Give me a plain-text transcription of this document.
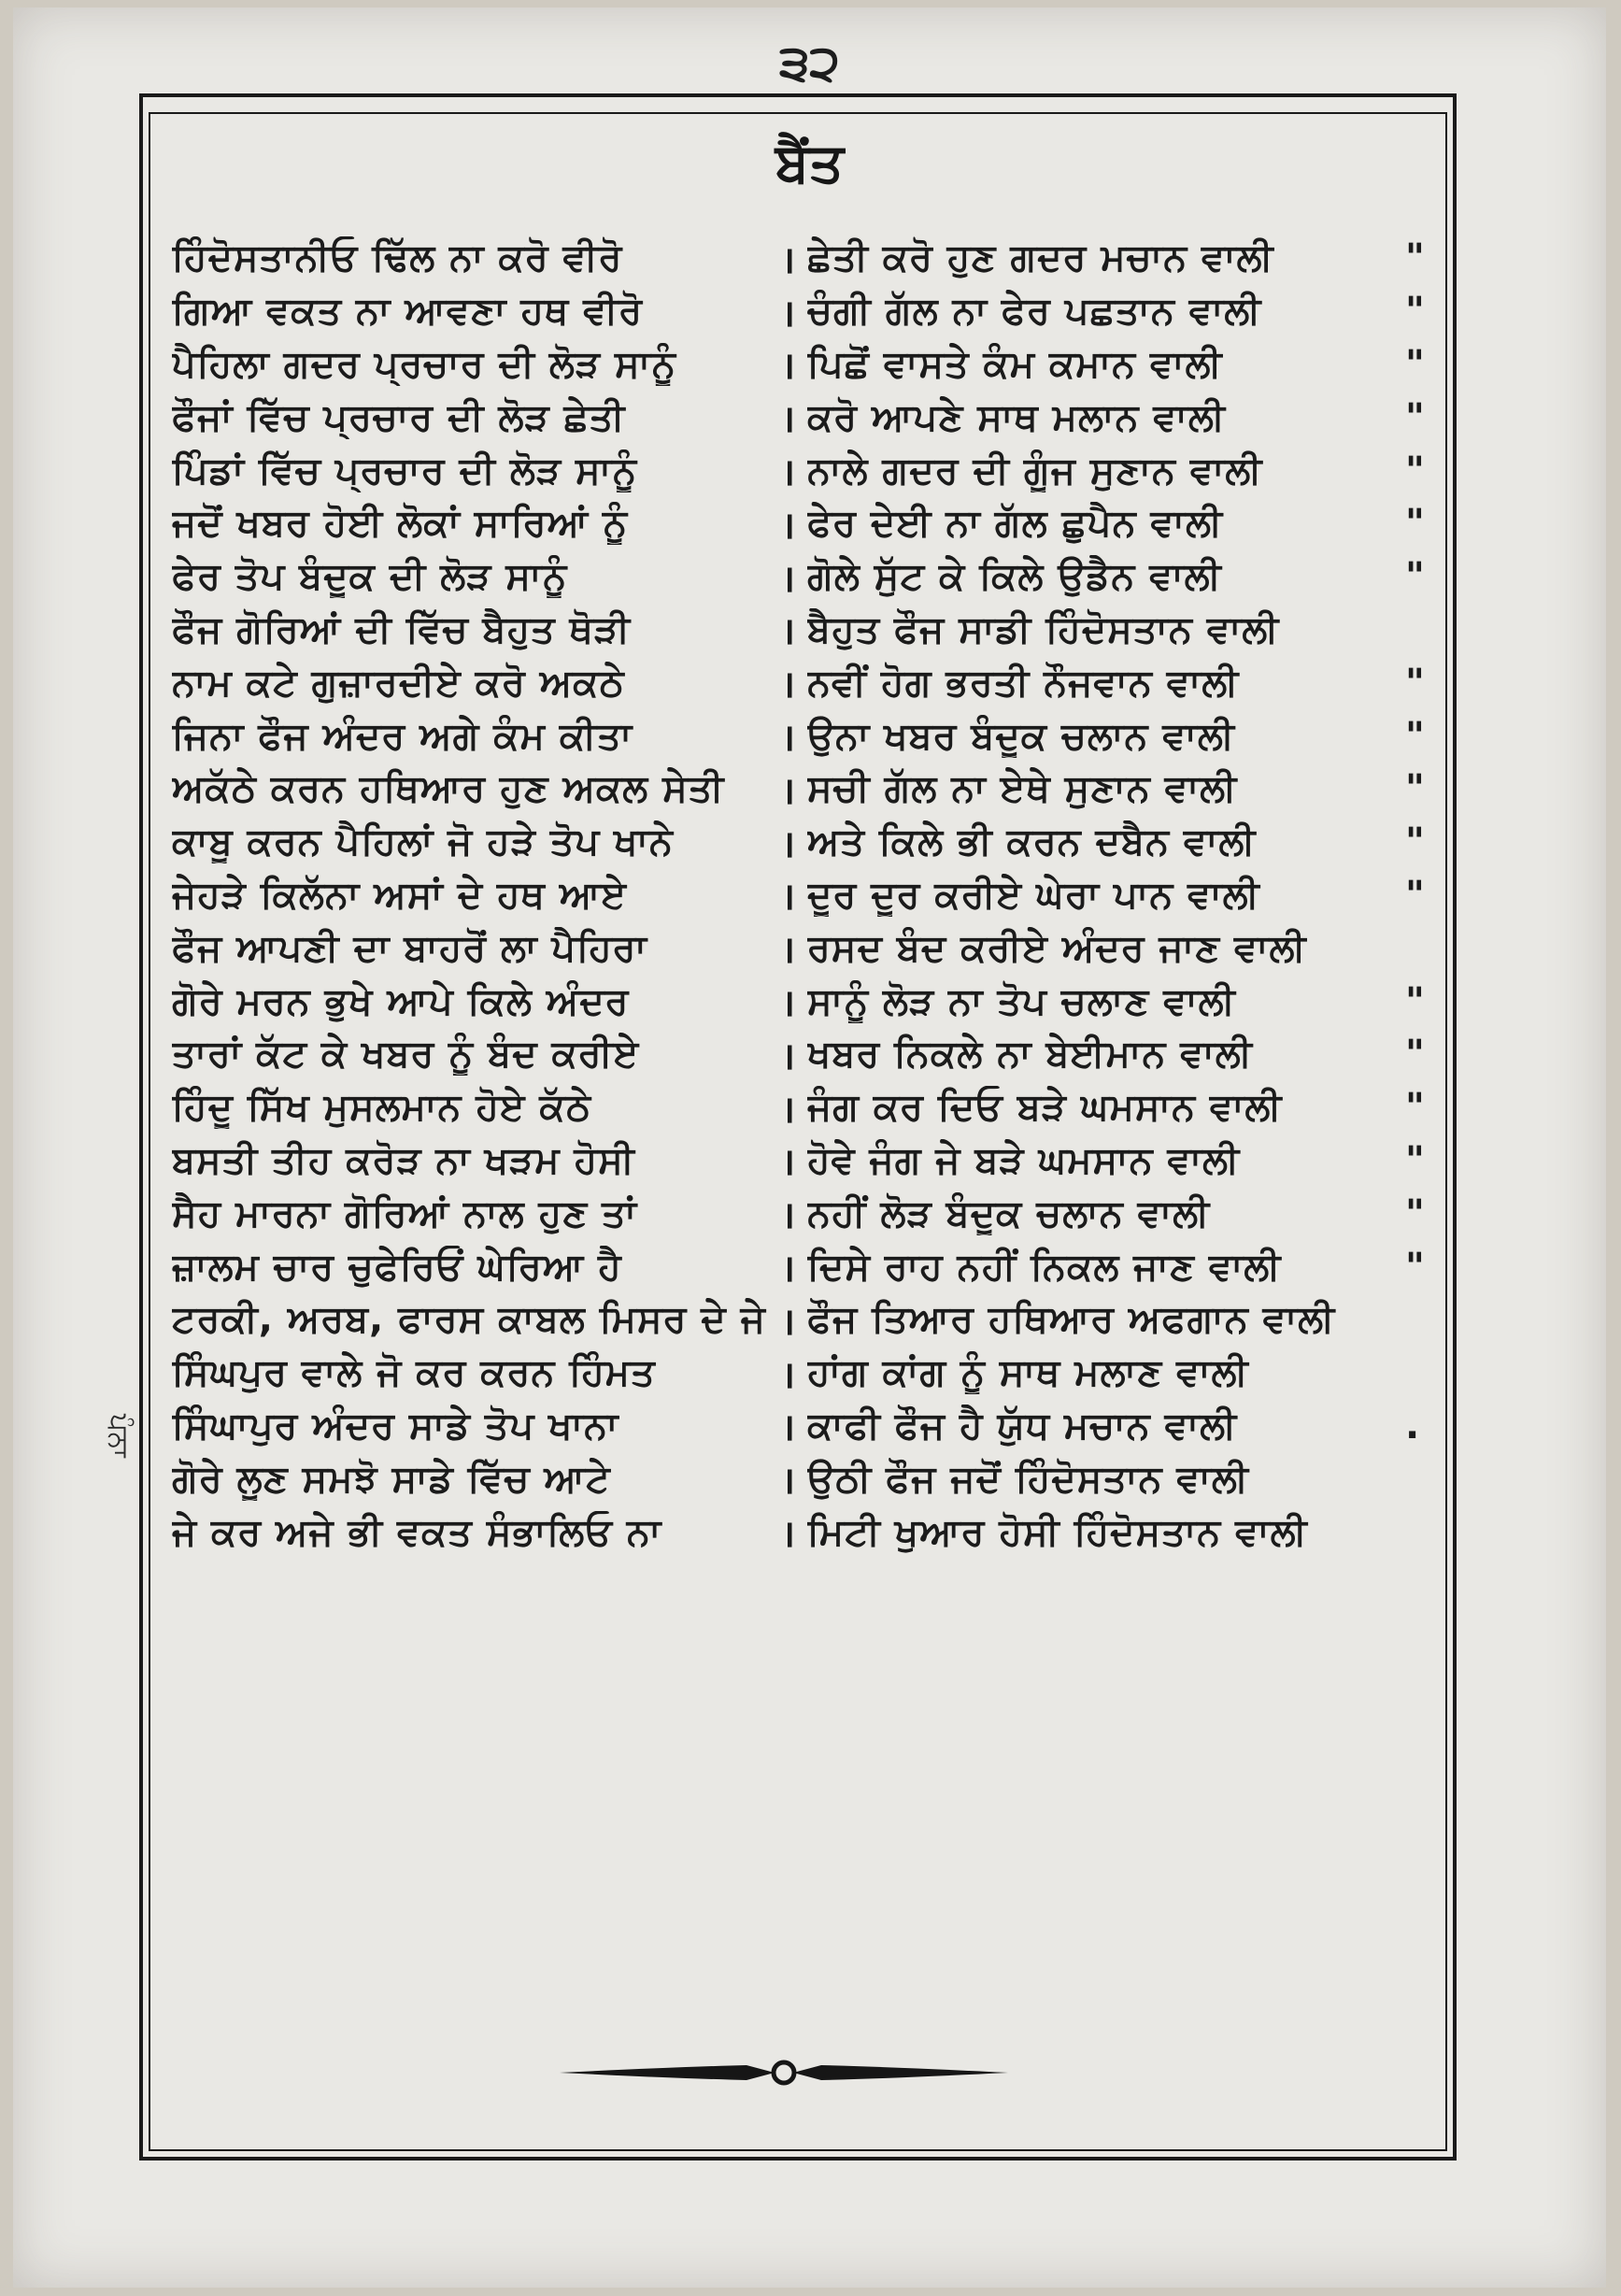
੩੨
ਬੈਂਤ
ਹਿੰਦੋਸਤਾਨੀਓ ਢਿੱਲ ਨਾ ਕਰੋ ਵੀਰੋ	। ਛੇਤੀ ਕਰੋ ਹੁਣ ਗਦਰ ਮਚਾਨ ਵਾਲੀ	"
ਗਿਆ ਵਕਤ ਨਾ ਆਵਣਾ ਹਥ ਵੀਰੋ	। ਚੰਗੀ ਗੱਲ ਨਾ ਫੇਰ ਪਛਤਾਨ ਵਾਲੀ	"
ਪੈਹਿਲਾ ਗਦਰ ਪ੍ਰਚਾਰ ਦੀ ਲੋੜ ਸਾਨੂੰ	। ਪਿਛੋਂ ਵਾਸਤੇ ਕੰਮ ਕਮਾਨ ਵਾਲੀ	"
ਫੌਜਾਂ ਵਿੱਚ ਪ੍ਰਚਾਰ ਦੀ ਲੋੜ ਛੇਤੀ	। ਕਰੋ ਆਪਣੇ ਸਾਥ ਮਲਾਨ ਵਾਲੀ	"
ਪਿੰਡਾਂ ਵਿੱਚ ਪ੍ਰਚਾਰ ਦੀ ਲੋੜ ਸਾਨੂੰ	। ਨਾਲੇ ਗਦਰ ਦੀ ਗੂੰਜ ਸੁਣਾਨ ਵਾਲੀ	"
ਜਦੋਂ ਖਬਰ ਹੋਈ ਲੋਕਾਂ ਸਾਰਿਆਂ ਨੂੰ	। ਫੇਰ ਦੇਈ ਨਾ ਗੱਲ ਛੁਪੈਨ ਵਾਲੀ	"
ਫੇਰ ਤੋਪ ਬੰਦੂਕ ਦੀ ਲੋੜ ਸਾਨੂੰ	। ਗੋਲੇ ਸੁੱਟ ਕੇ ਕਿਲੇ ਉਡੈਨ ਵਾਲੀ	"
ਫੌਜ ਗੋਰਿਆਂ ਦੀ ਵਿੱਚ ਬੈਹੁਤ ਥੋੜੀ	। ਬੈਹੁਤ ਫੌਜ ਸਾਡੀ ਹਿੰਦੋਸਤਾਨ ਵਾਲੀ
ਨਾਮ ਕਟੇ ਗੁਜ਼ਾਰਦੀਏ ਕਰੋ ਅਕਠੇ	। ਨਵੀਂ ਹੋਗ ਭਰਤੀ ਨੌਜਵਾਨ ਵਾਲੀ	"
ਜਿਨਾ ਫੌਜ ਅੰਦਰ ਅਗੇ ਕੰਮ ਕੀਤਾ	। ਉਨਾ ਖਬਰ ਬੰਦੂਕ ਚਲਾਨ ਵਾਲੀ	"
ਅਕੱਠੇ ਕਰਨ ਹਥਿਆਰ ਹੁਣ ਅਕਲ ਸੇਤੀ	। ਸਚੀ ਗੱਲ ਨਾ ਏਥੇ ਸੁਣਾਨ ਵਾਲੀ	"
ਕਾਬੂ ਕਰਨ ਪੈਹਿਲਾਂ ਜੋ ਹੜੇ ਤੋਪ ਖਾਨੇ	। ਅਤੇ ਕਿਲੇ ਭੀ ਕਰਨ ਦਬੈਨ ਵਾਲੀ	"
ਜੇਹੜੇ ਕਿਲੱਨਾ ਅਸਾਂ ਦੇ ਹਥ ਆਏ	। ਦੂਰ ਦੂਰ ਕਰੀਏ ਘੇਰਾ ਪਾਨ ਵਾਲੀ	"
ਫੌਜ ਆਪਣੀ ਦਾ ਬਾਹਰੋਂ ਲਾ ਪੈਹਿਰਾ	। ਰਸਦ ਬੰਦ ਕਰੀਏ ਅੰਦਰ ਜਾਣ ਵਾਲੀ
ਗੋਰੇ ਮਰਨ ਭੁਖੇ ਆਪੇ ਕਿਲੇ ਅੰਦਰ	। ਸਾਨੂੰ ਲੋੜ ਨਾ ਤੋਪ ਚਲਾਣ ਵਾਲੀ	"
ਤਾਰਾਂ ਕੱਟ ਕੇ ਖਬਰ ਨੂੰ ਬੰਦ ਕਰੀਏ	। ਖਬਰ ਨਿਕਲੇ ਨਾ ਬੇਈਮਾਨ ਵਾਲੀ	"
ਹਿੰਦੂ ਸਿੱਖ ਮੁਸਲਮਾਨ ਹੋਏ ਕੱਠੇ	। ਜੰਗ ਕਰ ਦਿਓ ਬੜੇ ਘਮਸਾਨ ਵਾਲੀ	"
ਬਸਤੀ ਤੀਹ ਕਰੋੜ ਨਾ ਖੜਮ ਹੋਸੀ	। ਹੋਵੇ ਜੰਗ ਜੇ ਬੜੇ ਘਮਸਾਨ ਵਾਲੀ	"
ਸੈਹ ਮਾਰਨਾ ਗੋਰਿਆਂ ਨਾਲ ਹੁਣ ਤਾਂ	। ਨਹੀਂ ਲੋੜ ਬੰਦੂਕ ਚਲਾਨ ਵਾਲੀ	"
ਜ਼ਾਲਮ ਚਾਰ ਚੁਫੇਰਿਓਂ ਘੇਰਿਆ ਹੈ	। ਦਿਸੇ ਰਾਹ ਨਹੀਂ ਨਿਕਲ ਜਾਣ ਵਾਲੀ	"
ਟਰਕੀ, ਅਰਬ, ਫਾਰਸ ਕਾਬਲ ਮਿਸਰ ਦੇ ਜੇ । ਫੌਜ ਤਿਆਰ ਹਥਿਆਰ ਅਫਗਾਨ ਵਾਲੀ
ਸਿੰਘਪੁਰ ਵਾਲੇ ਜੋ ਕਰ ਕਰਨ ਹਿੰਮਤ	। ਹਾਂਗ ਕਾਂਗ ਨੂੰ ਸਾਥ ਮਲਾਣ ਵਾਲੀ
ਸਿੰਘਾਪੁਰ ਅੰਦਰ ਸਾਡੇ ਤੋਪ ਖਾਨਾ	। ਕਾਫੀ ਫੌਜ ਹੈ ਯੁੱਧ ਮਚਾਨ ਵਾਲੀ	.
ਗੋਰੇ ਲੂਣ ਸਮਝੋ ਸਾਡੇ ਵਿੱਚ ਆਟੇ	। ਉਠੀ ਫੌਜ ਜਦੋਂ ਹਿੰਦੋਸਤਾਨ ਵਾਲੀ
ਜੇ ਕਰ ਅਜੇ ਭੀ ਵਕਤ ਸੰਭਾਲਿਓ ਨਾ	। ਮਿਟੀ ਖੁਆਰ ਹੋਸੀ ਹਿੰਦੋਸਤਾਨ ਵਾਲੀ
ਪੰਨਾ
